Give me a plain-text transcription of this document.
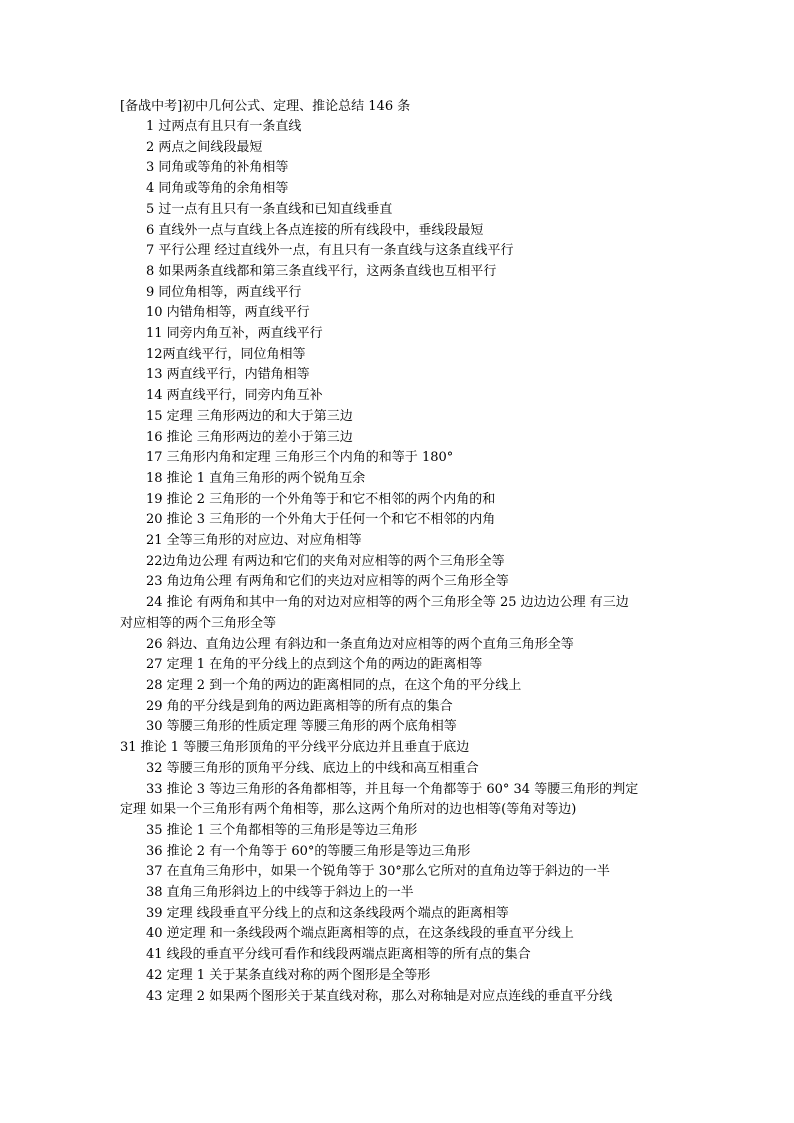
[备战中考]初中几何公式、定理、推论总结 146 条
1 过两点有且只有一条直线
2 两点之间线段最短
3 同角或等角的补角相等
4 同角或等角的余角相等
5 过一点有且只有一条直线和已知直线垂直
6 直线外一点与直线上各点连接的所有线段中，垂线段最短
7 平行公理 经过直线外一点，有且只有一条直线与这条直线平行
8 如果两条直线都和第三条直线平行，这两条直线也互相平行
9 同位角相等，两直线平行
10 内错角相等，两直线平行
11 同旁内角互补，两直线平行
12两直线平行，同位角相等
13 两直线平行，内错角相等
14 两直线平行，同旁内角互补
15 定理 三角形两边的和大于第三边
16 推论 三角形两边的差小于第三边
17 三角形内角和定理 三角形三个内角的和等于 180°
18 推论 1 直角三角形的两个锐角互余
19 推论 2 三角形的一个外角等于和它不相邻的两个内角的和
20 推论 3 三角形的一个外角大于任何一个和它不相邻的内角
21 全等三角形的对应边、对应角相等
22边角边公理 有两边和它们的夹角对应相等的两个三角形全等
23 角边角公理 有两角和它们的夹边对应相等的两个三角形全等
24 推论 有两角和其中一角的对边对应相等的两个三角形全等 25 边边边公理 有三边
对应相等的两个三角形全等
26 斜边、直角边公理 有斜边和一条直角边对应相等的两个直角三角形全等
27 定理 1 在角的平分线上的点到这个角的两边的距离相等
28 定理 2 到一个角的两边的距离相同的点，在这个角的平分线上
29 角的平分线是到角的两边距离相等的所有点的集合
30 等腰三角形的性质定理 等腰三角形的两个底角相等
31 推论 1 等腰三角形顶角的平分线平分底边并且垂直于底边
32 等腰三角形的顶角平分线、底边上的中线和高互相重合
33 推论 3 等边三角形的各角都相等，并且每一个角都等于 60° 34 等腰三角形的判定
定理 如果一个三角形有两个角相等，那么这两个角所对的边也相等(等角对等边)
35 推论 1 三个角都相等的三角形是等边三角形
36 推论 2 有一个角等于 60°的等腰三角形是等边三角形
37 在直角三角形中，如果一个锐角等于 30°那么它所对的直角边等于斜边的一半
38 直角三角形斜边上的中线等于斜边上的一半
39 定理 线段垂直平分线上的点和这条线段两个端点的距离相等
40 逆定理 和一条线段两个端点距离相等的点，在这条线段的垂直平分线上
41 线段的垂直平分线可看作和线段两端点距离相等的所有点的集合
42 定理 1 关于某条直线对称的两个图形是全等形
43 定理 2 如果两个图形关于某直线对称，那么对称轴是对应点连线的垂直平分线
